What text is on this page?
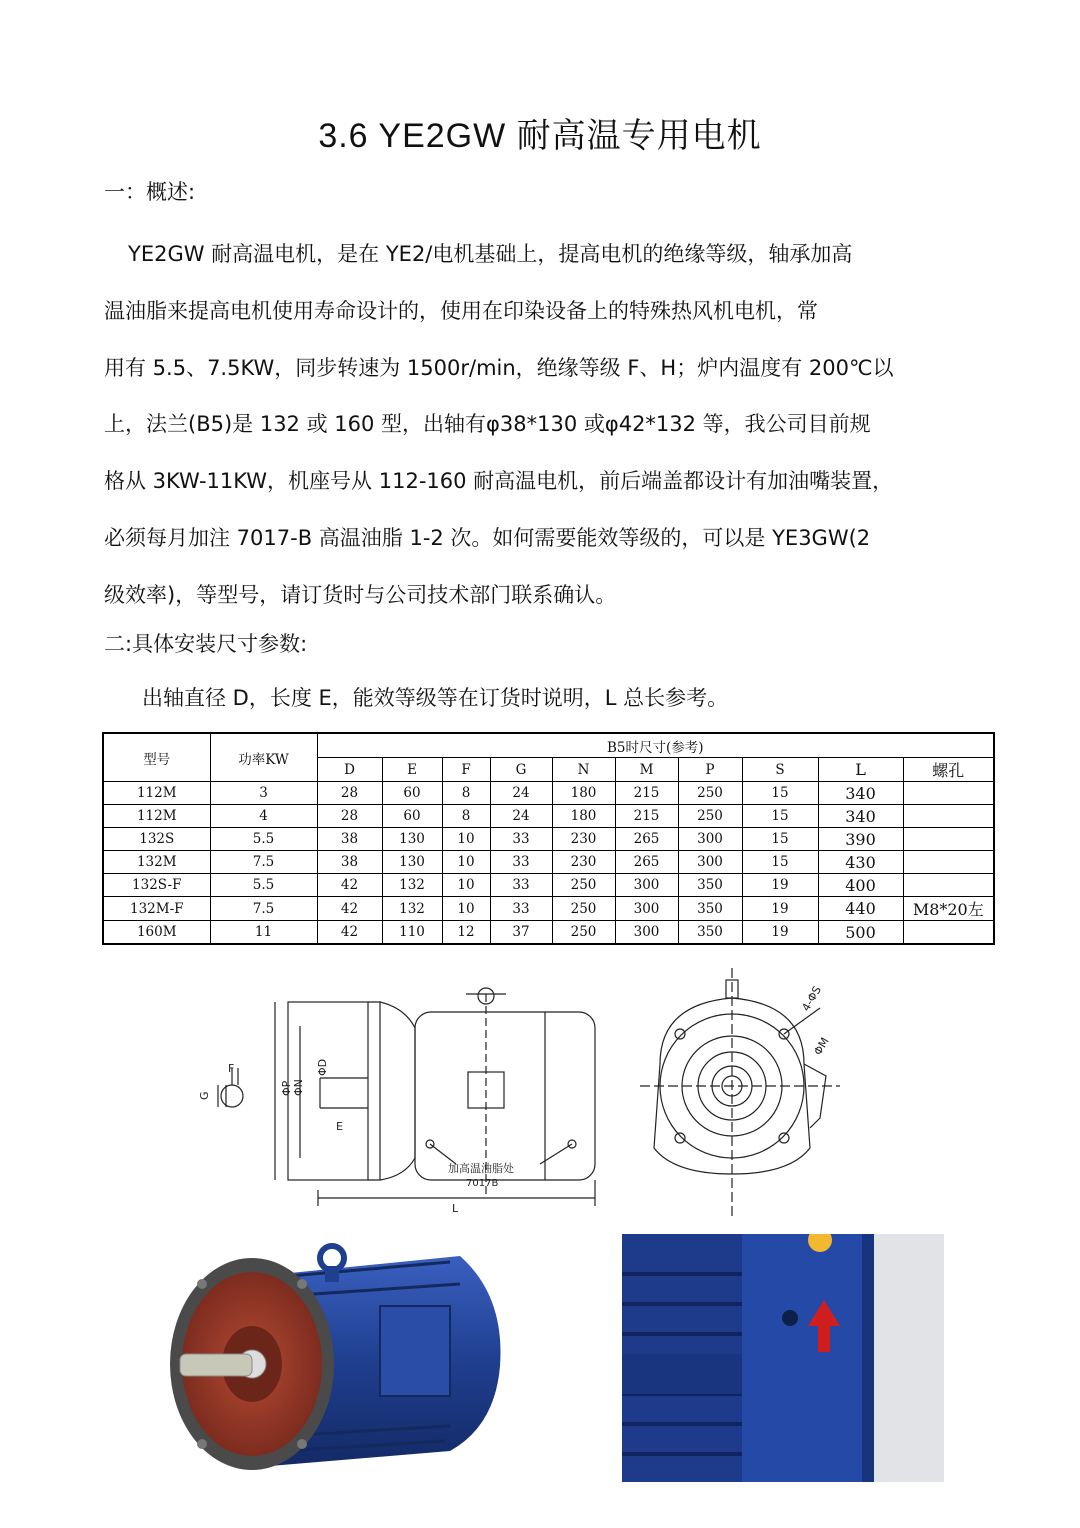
3.6 YE2GW 耐高温专用电机
一：概述:
YE2GW 耐高温电机，是在 YE2/电机基础上，提高电机的绝缘等级，轴承加高
温油脂来提高电机使用寿命设计的，使用在印染设备上的特殊热风机电机，常
用有 5.5、7.5KW，同步转速为 1500r/min，绝缘等级 F、H；炉内温度有 200℃以
上，法兰(B5)是 132 或 160 型，出轴有φ38*130 或φ42*132 等，我公司目前规
格从 3KW-11KW，机座号从 112-160 耐高温电机，前后端盖都设计有加油嘴装置，
必须每月加注 7017-B 高温油脂 1-2 次。如何需要能效等级的，可以是 YE3GW(2
级效率)，等型号，请订货时与公司技术部门联系确认。
二:具体安装尺寸参数:
出轴直径 D，长度 E，能效等级等在订货时说明，L 总长参考。
型号	功率KW	B5时尺寸(参考)									
		D	E	F	G	N	M	P	S	L	螺孔
112M	3	28	60	8	24	180	215	250	15	340	
112M	4	28	60	8	24	180	215	250	15	340	
132S	5.5	38	130	10	33	230	265	300	15	390	
132M	7.5	38	130	10	33	230	265	300	15	430	
132S-F	5.5	42	132	10	33	250	300	350	19	400	
132M-F	7.5	42	132	10	33	250	300	350	19	440	M8*20左
160M	11	42	110	12	37	250	300	350	19	500	
F
G	ΦP ΦN
ΦD
E
加高温油脂处
7017B
L
4-ΦS
ΦM
